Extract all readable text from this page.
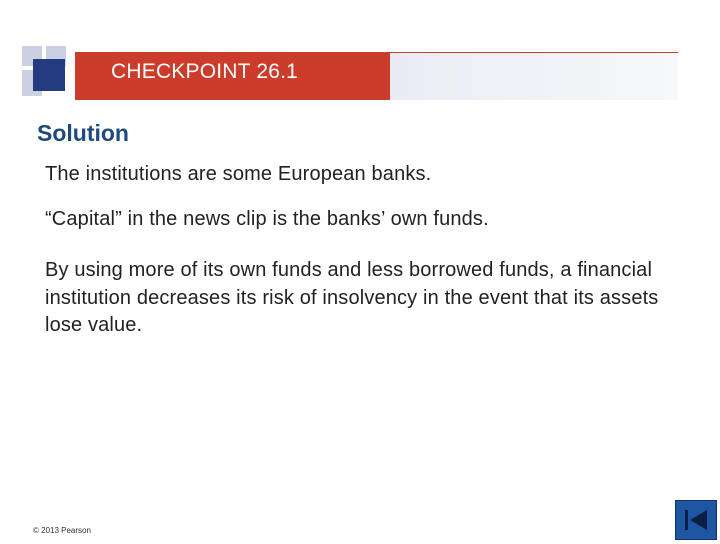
CHECKPOINT 26.1
Solution
The institutions are some European banks.
“Capital” in the news clip is the banks’ own funds.
By using more of its own funds and less borrowed funds, a financial institution decreases its risk of insolvency in the event that its assets lose value.
© 2013 Pearson
